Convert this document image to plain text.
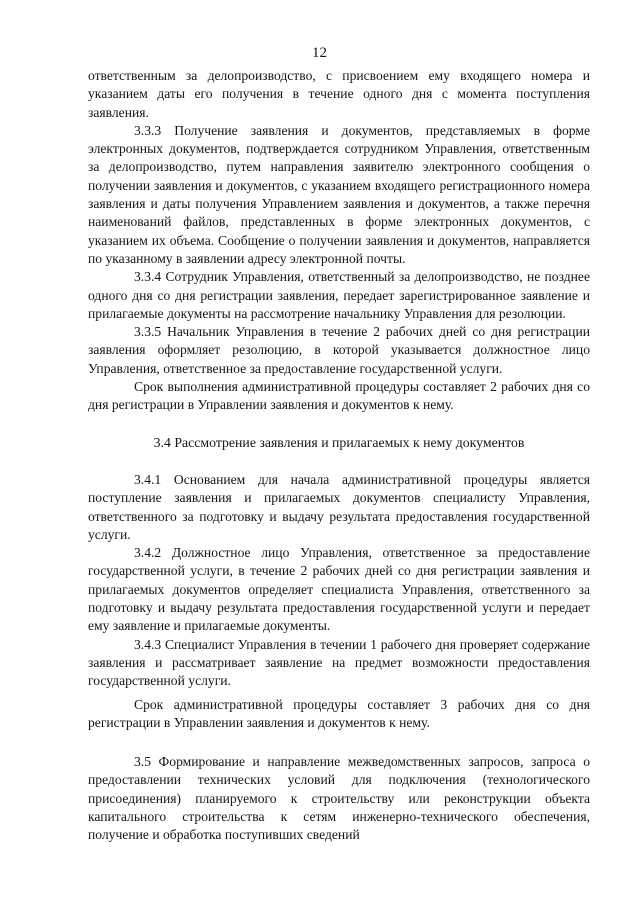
12

ответственным за делопроизводство, с присвоением ему входящего номера и указанием даты его получения в течение одного дня с момента поступления заявления.

3.3.3 Получение заявления и документов, представляемых в форме электронных документов, подтверждается сотрудником Управления, ответственным за делопроизводство, путем направления заявителю электронного сообщения о получении заявления и документов, с указанием входящего регистрационного номера заявления и даты получения Управлением заявления и документов, а также перечня наименований файлов, представленных в форме электронных документов, с указанием их объема. Сообщение о получении заявления и документов, направляется по указанному в заявлении адресу электронной почты.

3.3.4 Сотрудник Управления, ответственный за делопроизводство, не позднее одного дня со дня регистрации заявления, передает зарегистрированное заявление и прилагаемые документы на рассмотрение начальнику Управления для резолюции.

3.3.5 Начальник Управления в течение 2 рабочих дней со дня регистрации заявления оформляет резолюцию, в которой указывается должностное лицо Управления, ответственное за предоставление государственной услуги.

Срок выполнения административной процедуры составляет 2 рабочих дня со дня регистрации в Управлении заявления и документов к нему.

3.4 Рассмотрение заявления и прилагаемых к нему документов

3.4.1 Основанием для начала административной процедуры является поступление заявления и прилагаемых документов специалисту Управления, ответственного за подготовку и выдачу результата предоставления государственной услуги.

3.4.2 Должностное лицо Управления, ответственное за предоставление государственной услуги, в течение 2 рабочих дней со дня регистрации заявления и прилагаемых документов определяет специалиста Управления, ответственного за подготовку и выдачу результата предоставления государственной услуги и передает ему заявление и прилагаемые документы.

3.4.3 Специалист Управления в течении 1 рабочего дня проверяет содержание заявления и рассматривает заявление на предмет возможности предоставления государственной услуги.

Срок административной процедуры составляет 3 рабочих дня со дня регистрации в Управлении заявления и документов к нему.

3.5 Формирование и направление межведомственных запросов, запроса о предоставлении технических условий для подключения (технологического присоединения) планируемого к строительству или реконструкции объекта капитального строительства к сетям инженерно-технического обеспечения, получение и обработка поступивших сведений
